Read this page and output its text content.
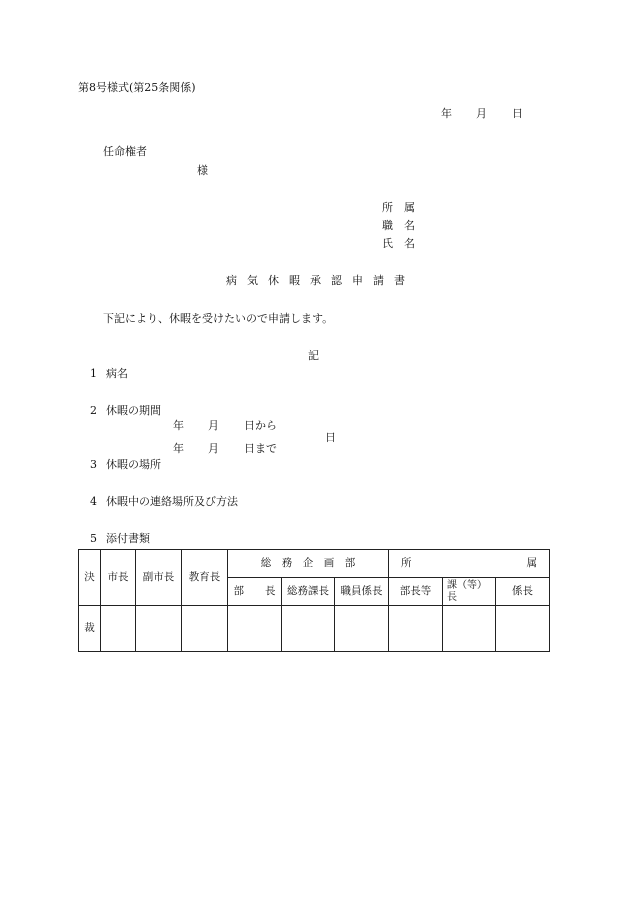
第8号様式(第25条関係)
年 月 日
任命権者
様
所　属
職　名
氏　名
病気休暇承認申請書
下記により、休暇を受けたいので申請します。
記
1 病名
2 休暇の期間
年 月 日から
日
年 月 日まで
3 休暇の場所
4 休暇中の連絡場所及び方法
5 添付書類
決	市長	副市長	教育長	総　務　企　画　部			所 属		

				部　　長	総務課長	職員係長	部長等	課（等）長	係長
裁									
